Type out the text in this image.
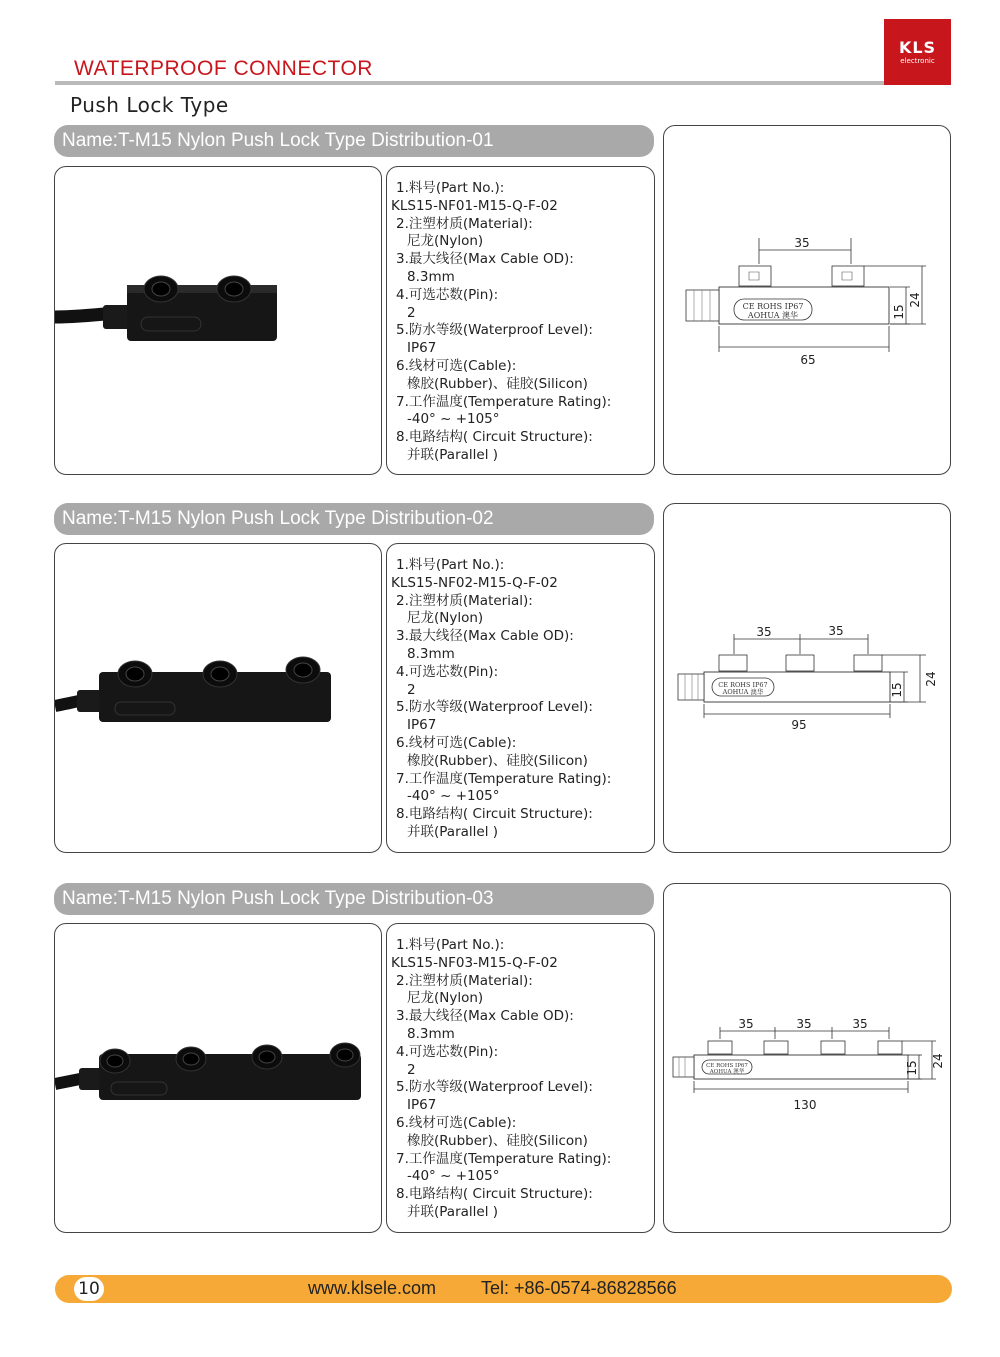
WATERPROOF CONNECTOR
KLS
electronic
Push Lock Type
Name:T-M15 Nylon Push Lock Type Distribution-01
1.料号(Part No.):
KLS15-NF01-M15-Q-F-02
2.注塑材质(Material):
尼龙(Nylon)
3.最大线径(Max Cable OD):
8.3mm
4.可选芯数(Pin):
2
5.防水等级(Waterproof Level):
IP67
6.线材可选(Cable):
橡胶(Rubber)、硅胶(Silicon)
7.工作温度(Temperature Rating):
-40° ~ +105°
8.电路结构( Circuit Structure):
并联(Parallel )
35
CE ROHS IP67
AOHUA 澳华
65
15
24
Name:T-M15 Nylon Push Lock Type Distribution-02
1.料号(Part No.):
KLS15-NF02-M15-Q-F-02
2.注塑材质(Material):
尼龙(Nylon)
3.最大线径(Max Cable OD):
8.3mm
4.可选芯数(Pin):
2
5.防水等级(Waterproof Level):
IP67
6.线材可选(Cable):
橡胶(Rubber)、硅胶(Silicon)
7.工作温度(Temperature Rating):
-40° ~ +105°
8.电路结构( Circuit Structure):
并联(Parallel )
35	35
CE ROHS IP67
AOHUA 澳华
95
15
24
Name:T-M15 Nylon Push Lock Type Distribution-03
1.料号(Part No.):
KLS15-NF03-M15-Q-F-02
2.注塑材质(Material):
尼龙(Nylon)
3.最大线径(Max Cable OD):
8.3mm
4.可选芯数(Pin):
2
5.防水等级(Waterproof Level):
IP67
6.线材可选(Cable):
橡胶(Rubber)、硅胶(Silicon)
7.工作温度(Temperature Rating):
-40° ~ +105°
8.电路结构( Circuit Structure):
并联(Parallel )
35	35	35
CE ROHS IP67
AOHUA 澳华
130
15 24
10	www.klsele.com Tel: +86-0574-86828566
